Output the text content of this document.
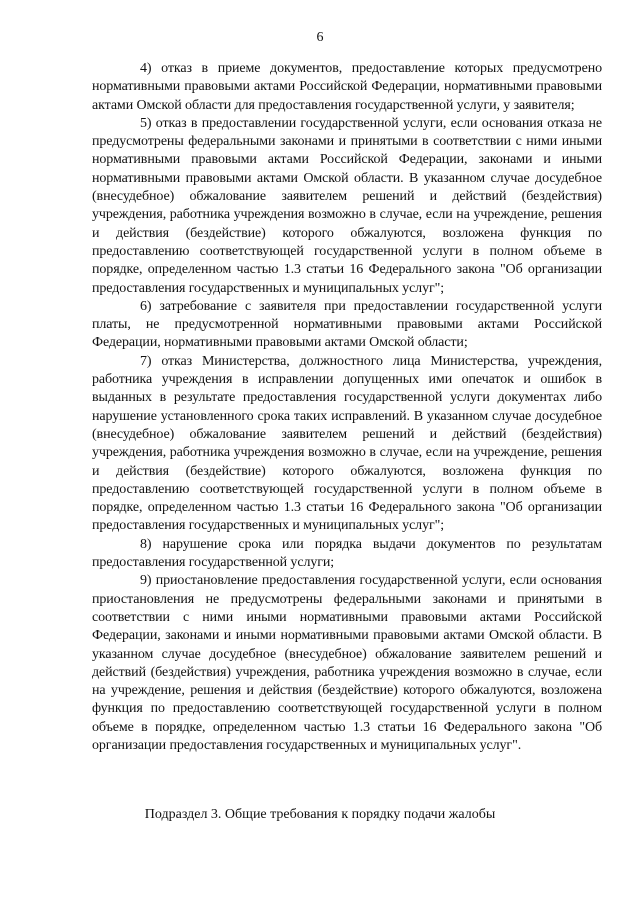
6

4) отказ в приеме документов, предоставление которых предусмотрено нормативными правовыми актами Российской Федерации, нормативными правовыми актами Омской области для предоставления государственной услуги, у заявителя;

5) отказ в предоставлении государственной услуги, если основания отказа не предусмотрены федеральными законами и принятыми в соответствии с ними иными нормативными правовыми актами Российской Федерации, законами и иными нормативными правовыми актами Омской области. В указанном случае досудебное (внесудебное) обжалование заявителем решений и действий (бездействия) учреждения, работника учреждения возможно в случае, если на учреждение, решения и действия (бездействие) которого обжалуются, возложена функция по предоставлению соответствующей государственной услуги в полном объеме в порядке, определенном частью 1.3 статьи 16 Федерального закона "Об организации предоставления государственных и муниципальных услуг";

6) затребование с заявителя при предоставлении государственной услуги платы, не предусмотренной нормативными правовыми актами Российской Федерации, нормативными правовыми актами Омской области;

7) отказ Министерства, должностного лица Министерства, учреждения, работника учреждения в исправлении допущенных ими опечаток и ошибок в выданных в результате предоставления государственной услуги документах либо нарушение установленного срока таких исправлений. В указанном случае досудебное (внесудебное) обжалование заявителем решений и действий (бездействия) учреждения, работника учреждения возможно в случае, если на учреждение, решения и действия (бездействие) которого обжалуются, возложена функция по предоставлению соответствующей государственной услуги в полном объеме в порядке, определенном частью 1.3 статьи 16 Федерального закона "Об организации предоставления государственных и муниципальных услуг";

8) нарушение срока или порядка выдачи документов по результатам предоставления государственной услуги;

9) приостановление предоставления государственной услуги, если основания приостановления не предусмотрены федеральными законами и принятыми в соответствии с ними иными нормативными правовыми актами Российской Федерации, законами и иными нормативными правовыми актами Омской области. В указанном случае досудебное (внесудебное) обжалование заявителем решений и действий (бездействия) учреждения, работника учреждения возможно в случае, если на учреждение, решения и действия (бездействие) которого обжалуются, возложена функция по предоставлению соответствующей государственной услуги в полном объеме в порядке, определенном частью 1.3 статьи 16 Федерального закона "Об организации предоставления государственных и муниципальных услуг".

Подраздел 3. Общие требования к порядку подачи жалобы
